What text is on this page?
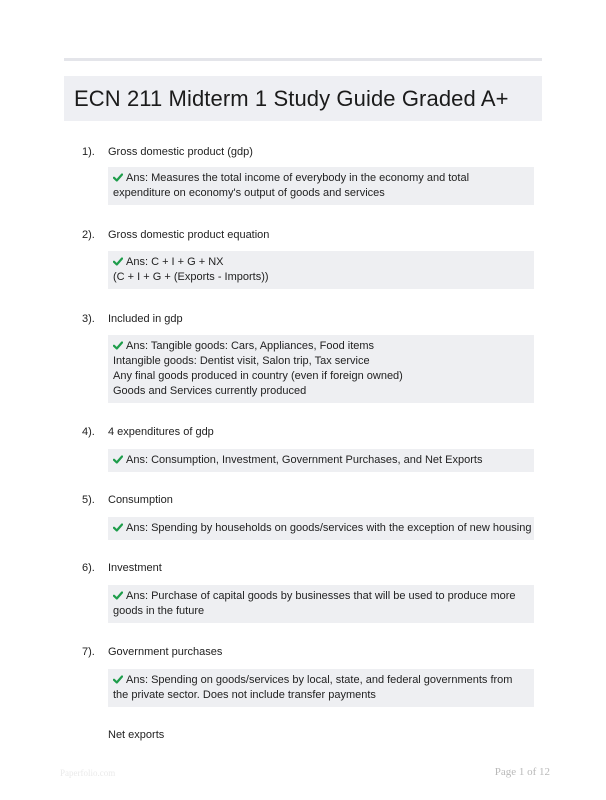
ECN 211 Midterm 1 Study Guide Graded A+
1). Gross domestic product (gdp)
Ans: Measures the total income of everybody in the economy and total expenditure on economy's output of goods and services
2). Gross domestic product equation
Ans: C + I + G + NX
(C + I + G + (Exports - Imports))
3). Included in gdp
Ans: Tangible goods: Cars, Appliances, Food items
Intangible goods: Dentist visit, Salon trip, Tax service
Any final goods produced in country (even if foreign owned)
Goods and Services currently produced
4). 4 expenditures of gdp
Ans: Consumption, Investment, Government Purchases, and Net Exports
5). Consumption
Ans: Spending by households on goods/services with the exception of new housing
6). Investment
Ans: Purchase of capital goods by businesses that will be used to produce more goods in the future
7). Government purchases
Ans: Spending on goods/services by local, state, and federal governments from the private sector. Does not include transfer payments
Net exports
Paperfolio.com	Page 1 of 12
